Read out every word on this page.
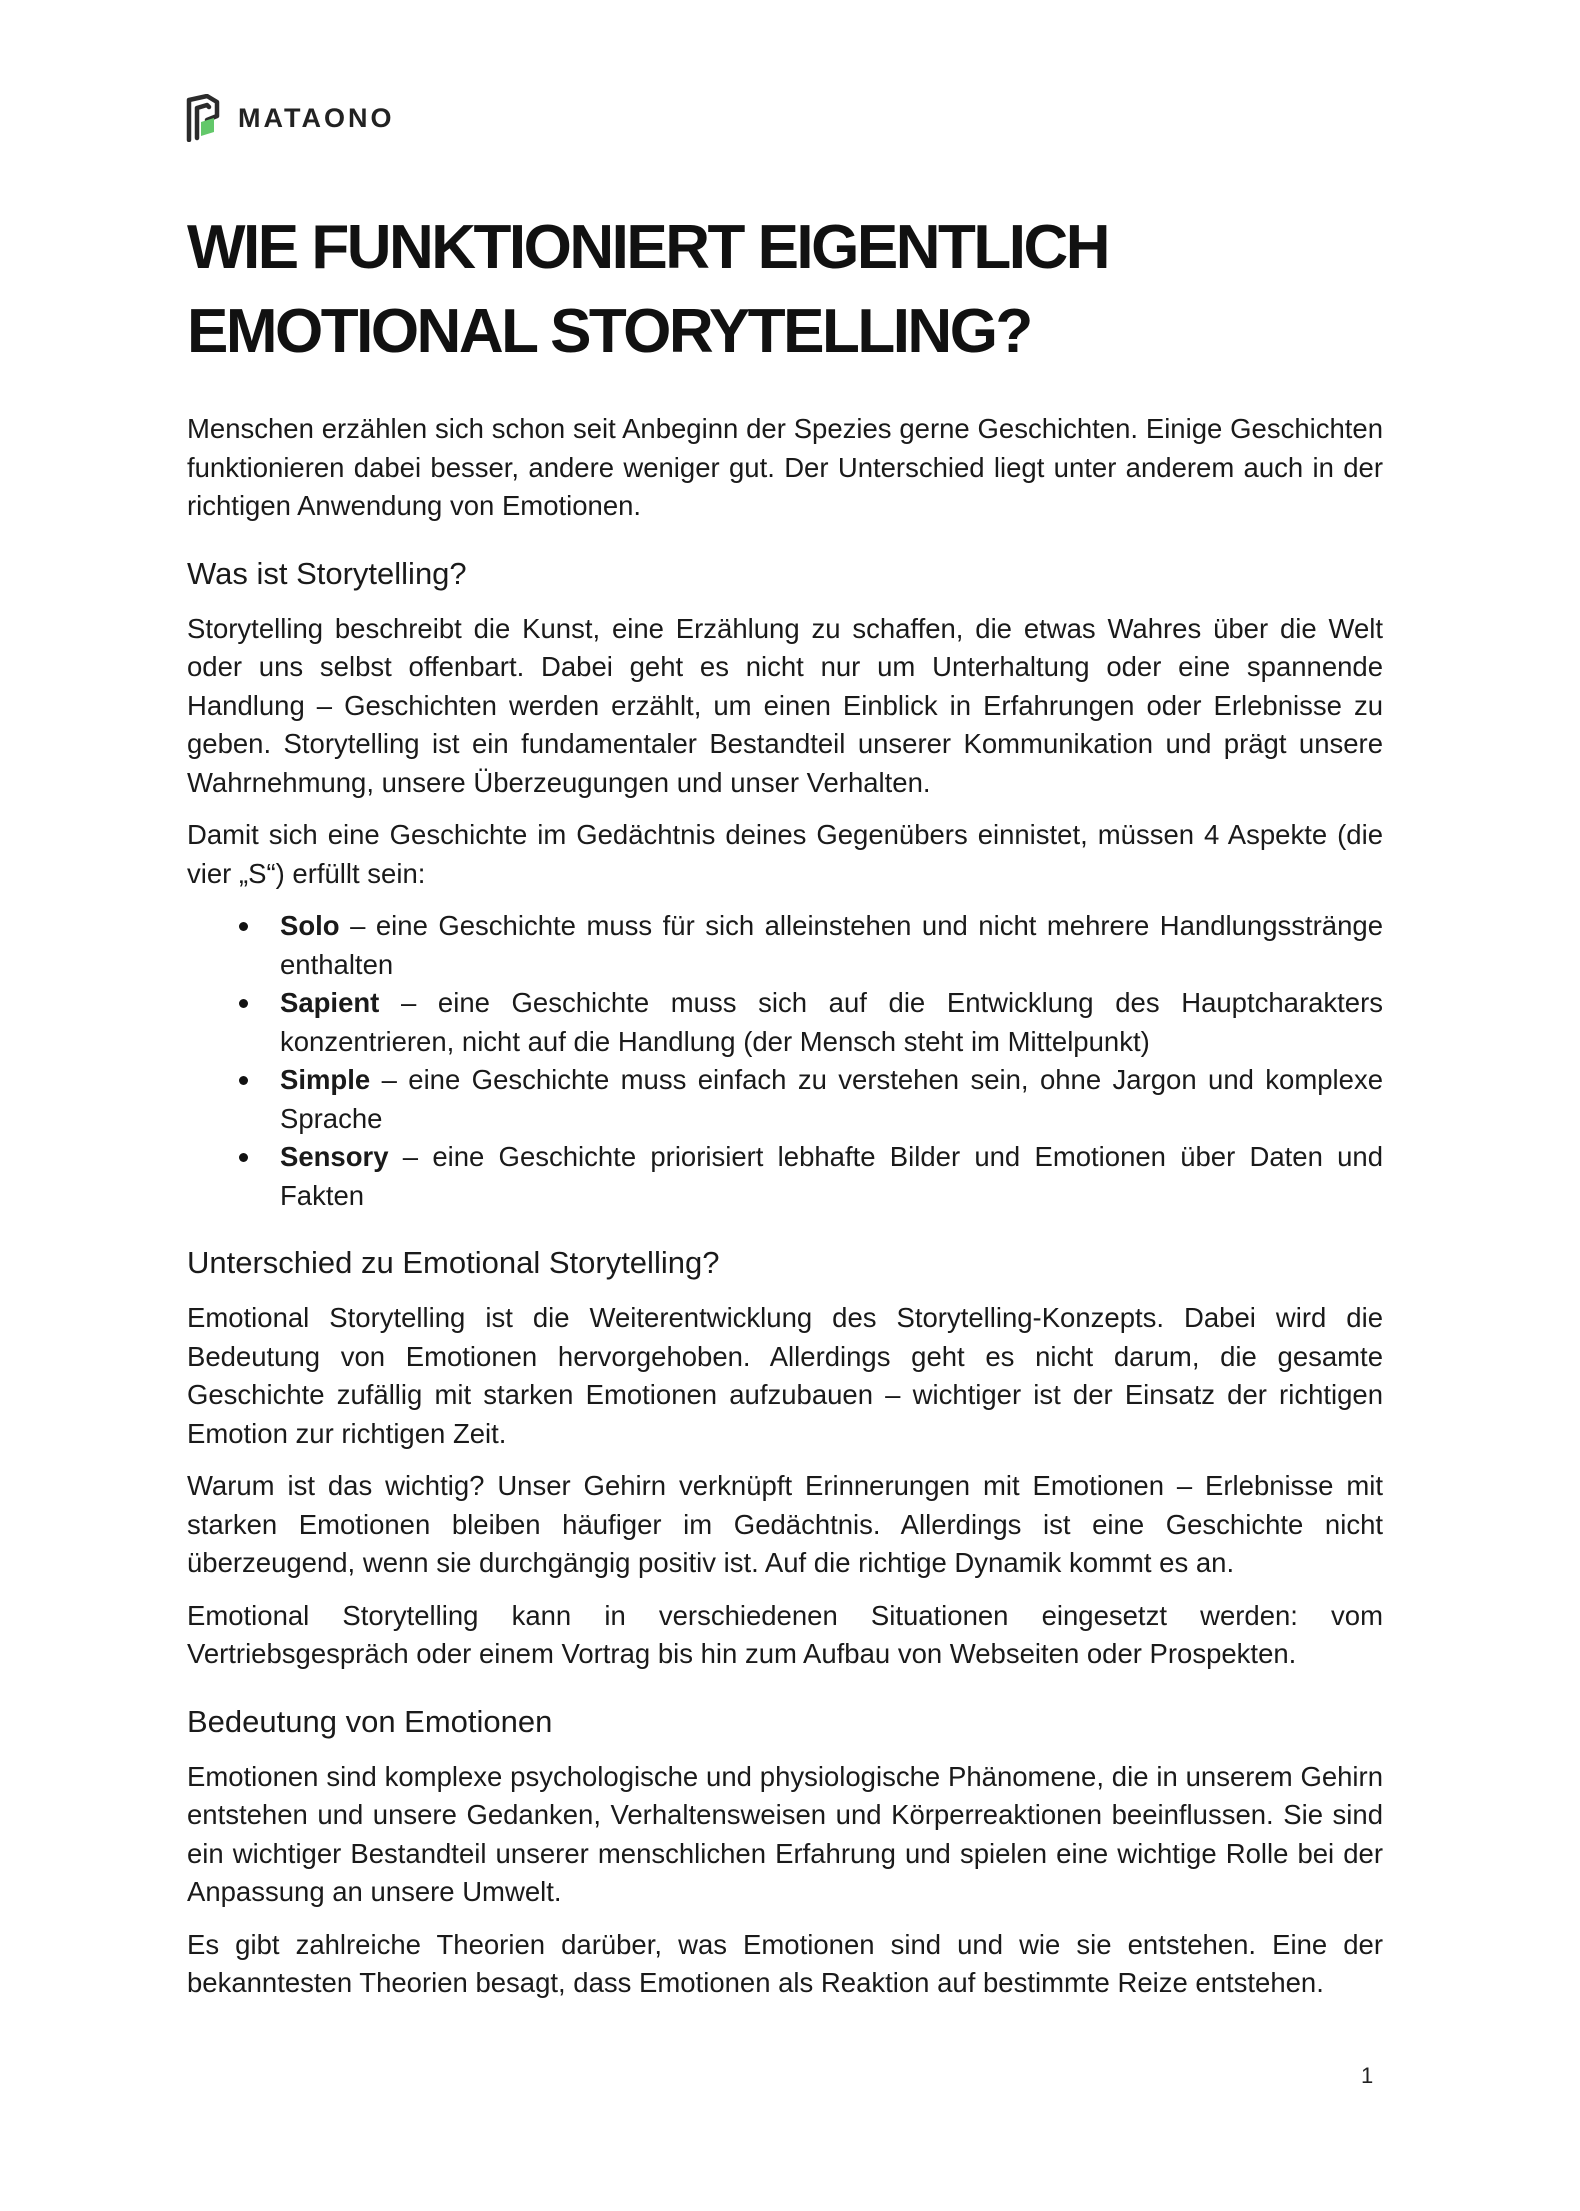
MATAONO
WIE FUNKTIONIERT EIGENTLICH
EMOTIONAL STORYTELLING?

Menschen erzählen sich schon seit Anbeginn der Spezies gerne Geschichten. Einige Geschichten funktionieren dabei besser, andere weniger gut. Der Unterschied liegt unter anderem auch in der richtigen Anwendung von Emotionen.

Was ist Storytelling?

Storytelling beschreibt die Kunst, eine Erzählung zu schaffen, die etwas Wahres über die Welt oder uns selbst offenbart. Dabei geht es nicht nur um Unterhaltung oder eine spannende Handlung – Geschichten werden erzählt, um einen Einblick in Erfahrungen oder Erlebnisse zu geben. Storytelling ist ein fundamentaler Bestandteil unserer Kommunikation und prägt unsere Wahrnehmung, unsere Überzeugungen und unser Verhalten.

Damit sich eine Geschichte im Gedächtnis deines Gegenübers einnistet, müssen 4 Aspekte (die vier „S“) erfüllt sein:

Solo – eine Geschichte muss für sich alleinstehen und nicht mehrere Handlungsstränge enthalten
Sapient – eine Geschichte muss sich auf die Entwicklung des Hauptcharakters konzentrieren, nicht auf die Handlung (der Mensch steht im Mittelpunkt)
Simple – eine Geschichte muss einfach zu verstehen sein, ohne Jargon und komplexe Sprache
Sensory – eine Geschichte priorisiert lebhafte Bilder und Emotionen über Daten und Fakten
Unterschied zu Emotional Storytelling?

Emotional Storytelling ist die Weiterentwicklung des Storytelling-Konzepts. Dabei wird die Bedeutung von Emotionen hervorgehoben. Allerdings geht es nicht darum, die gesamte Geschichte zufällig mit starken Emotionen aufzubauen – wichtiger ist der Einsatz der richtigen Emotion zur richtigen Zeit.

Warum ist das wichtig? Unser Gehirn verknüpft Erinnerungen mit Emotionen – Erlebnisse mit starken Emotionen bleiben häufiger im Gedächtnis. Allerdings ist eine Geschichte nicht überzeugend, wenn sie durchgängig positiv ist. Auf die richtige Dynamik kommt es an.

Emotional Storytelling kann in verschiedenen Situationen eingesetzt werden: vom Vertriebsgespräch oder einem Vortrag bis hin zum Aufbau von Webseiten oder Prospekten.

Bedeutung von Emotionen

Emotionen sind komplexe psychologische und physiologische Phänomene, die in unserem Gehirn entstehen und unsere Gedanken, Verhaltensweisen und Körperreaktionen beeinflussen. Sie sind ein wichtiger Bestandteil unserer menschlichen Erfahrung und spielen eine wichtige Rolle bei der Anpassung an unsere Umwelt.

Es gibt zahlreiche Theorien darüber, was Emotionen sind und wie sie entstehen. Eine der bekanntesten Theorien besagt, dass Emotionen als Reaktion auf bestimmte Reize entstehen.

1
